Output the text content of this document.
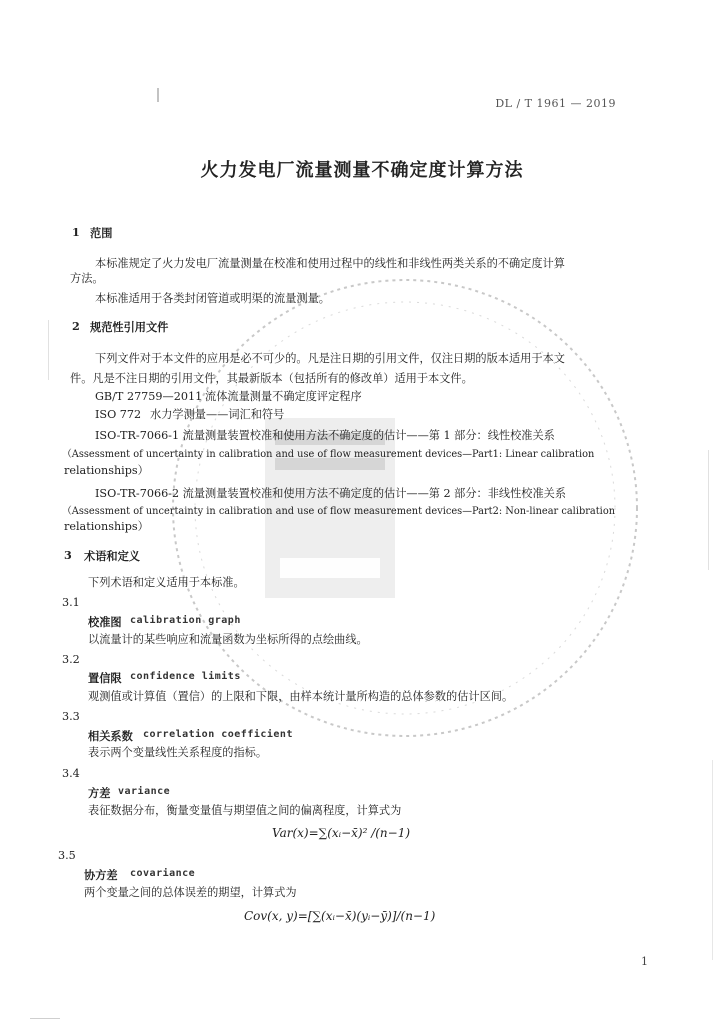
DL / T 1961 — 2019
火力发电厂流量测量不确定度计算方法
1 范围
本标准规定了火力发电厂流量测量在校准和使用过程中的线性和非线性两类关系的不确定度计算
方法。
本标准适用于各类封闭管道或明渠的流量测量。
2 规范性引用文件
下列文件对于本文件的应用是必不可少的。凡是注日期的引用文件，仅注日期的版本适用于本文
件。凡是不注日期的引用文件，其最新版本（包括所有的修改单）适用于本文件。
GB/T 27759—2011 流体流量测量不确定度评定程序
ISO 772 水力学测量——词汇和符号
ISO-TR-7066-1 流量测量装置校准和使用方法不确定度的估计——第 1 部分：线性校准关系
（Assessment of uncertainty in calibration and use of flow measurement devices—Part1: Linear calibration
relationships）
ISO-TR-7066-2 流量测量装置校准和使用方法不确定度的估计——第 2 部分：非线性校准关系
（Assessment of uncertainty in calibration and use of flow measurement devices—Part2: Non-linear calibration
relationships）
3 术语和定义
下列术语和定义适用于本标准。
3.1
校准图 calibration graph
以流量计的某些响应和流量函数为坐标所得的点绘曲线。
3.2
置信限 confidence limits
观测值或计算值（置信）的上限和下限，由样本统计量所构造的总体参数的估计区间。
3.3
相关系数 correlation coefficient
表示两个变量线性关系程度的指标。
3.4
方差 variance
表征数据分布，衡量变量值与期望值之间的偏离程度，计算式为
Var(x)=∑(xᵢ−x̄)² /(n−1)
3.5
协方差 covariance
两个变量之间的总体误差的期望，计算式为
Cov(x, y)=[∑(xᵢ−x̄)(yᵢ−ȳ)]/(n−1)
1
